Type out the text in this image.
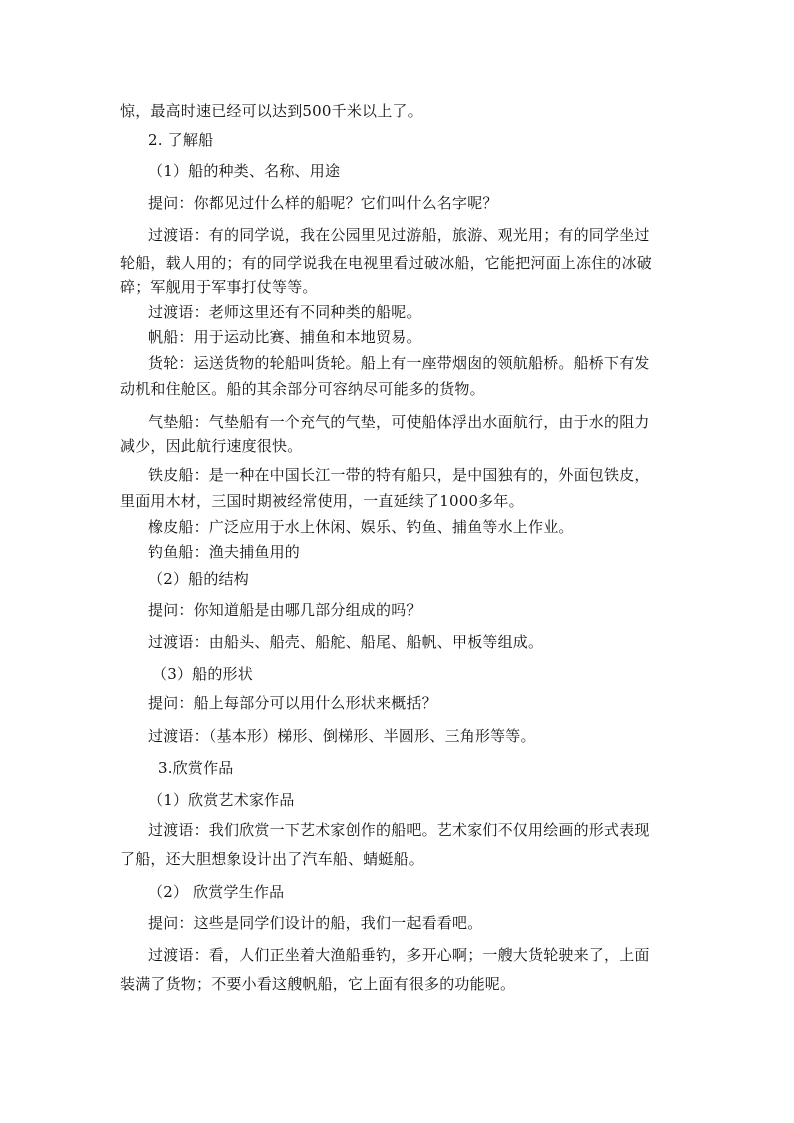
惊，最高时速已经可以达到500千米以上了。
2. 了解船
（1）船的种类、名称、用途
提问：你都见过什么样的船呢？它们叫什么名字呢？
过渡语：有的同学说，我在公园里见过游船，旅游、观光用；有的同学坐过
轮船，载人用的；有的同学说我在电视里看过破冰船，它能把河面上冻住的冰破
碎；军舰用于军事打仗等等。
过渡语：老师这里还有不同种类的船呢。
帆船：用于运动比赛、捕鱼和本地贸易。
货轮：运送货物的轮船叫货轮。船上有一座带烟囱的领航船桥。船桥下有发
动机和住舱区。船的其余部分可容纳尽可能多的货物。
气垫船：气垫船有一个充气的气垫，可使船体浮出水面航行，由于水的阻力
减少，因此航行速度很快。
铁皮船：是一种在中国长江一带的特有船只，是中国独有的，外面包铁皮，
里面用木材，三国时期被经常使用，一直延续了1000多年。
橡皮船：广泛应用于水上休闲、娱乐、钓鱼、捕鱼等水上作业。
钓鱼船：渔夫捕鱼用的
（2）船的结构
提问：你知道船是由哪几部分组成的吗？
过渡语：由船头、船壳、船舵、船尾、船帆、甲板等组成。
（3）船的形状
提问：船上每部分可以用什么形状来概括？
过渡语：（基本形）梯形、倒梯形、半圆形、三角形等等。
3.欣赏作品
（1）欣赏艺术家作品
过渡语：我们欣赏一下艺术家创作的船吧。艺术家们不仅用绘画的形式表现
了船，还大胆想象设计出了汽车船、蜻蜓船。
（2） 欣赏学生作品
提问：这些是同学们设计的船，我们一起看看吧。
过渡语：看，人们正坐着大渔船垂钓，多开心啊；一艘大货轮驶来了，上面
装满了货物；不要小看这艘帆船，它上面有很多的功能呢。
